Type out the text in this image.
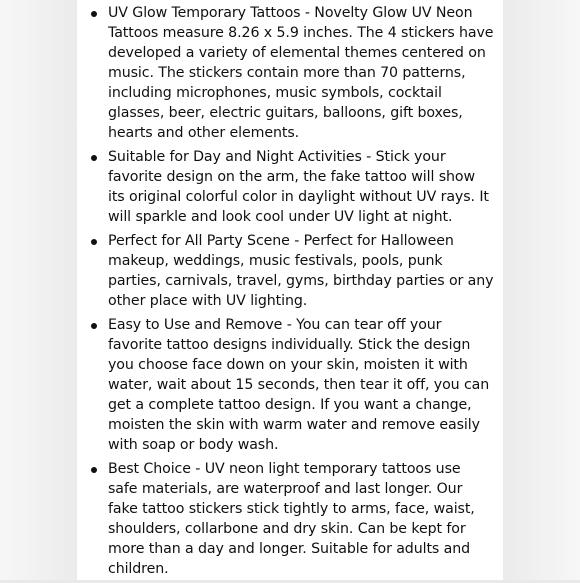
UV Glow Temporary Tattoos - Novelty Glow UV Neon Tattoos measure 8.26 x 5.9 inches. The 4 stickers have developed a variety of elemental themes centered on music. The stickers contain more than 70 patterns, including microphones, music symbols, cocktail glasses, beer, electric guitars, balloons, gift boxes, hearts and other elements.
Suitable for Day and Night Activities - Stick your favorite design on the arm, the fake tattoo will show its original colorful color in daylight without UV rays. It will sparkle and look cool under UV light at night.
Perfect for All Party Scene - Perfect for Halloween makeup, weddings, music festivals, pools, punk parties, carnivals, travel, gyms, birthday parties or any other place with UV lighting.
Easy to Use and Remove - You can tear off your favorite tattoo designs individually. Stick the design you choose face down on your skin, moisten it with water, wait about 15 seconds, then tear it off, you can get a complete tattoo design. If you want a change, moisten the skin with warm water and remove easily with soap or body wash.
Best Choice - UV neon light temporary tattoos use safe materials, are waterproof and last longer. Our fake tattoo stickers stick tightly to arms, face, waist, shoulders, collarbone and dry skin. Can be kept for more than a day and longer. Suitable for adults and children.
